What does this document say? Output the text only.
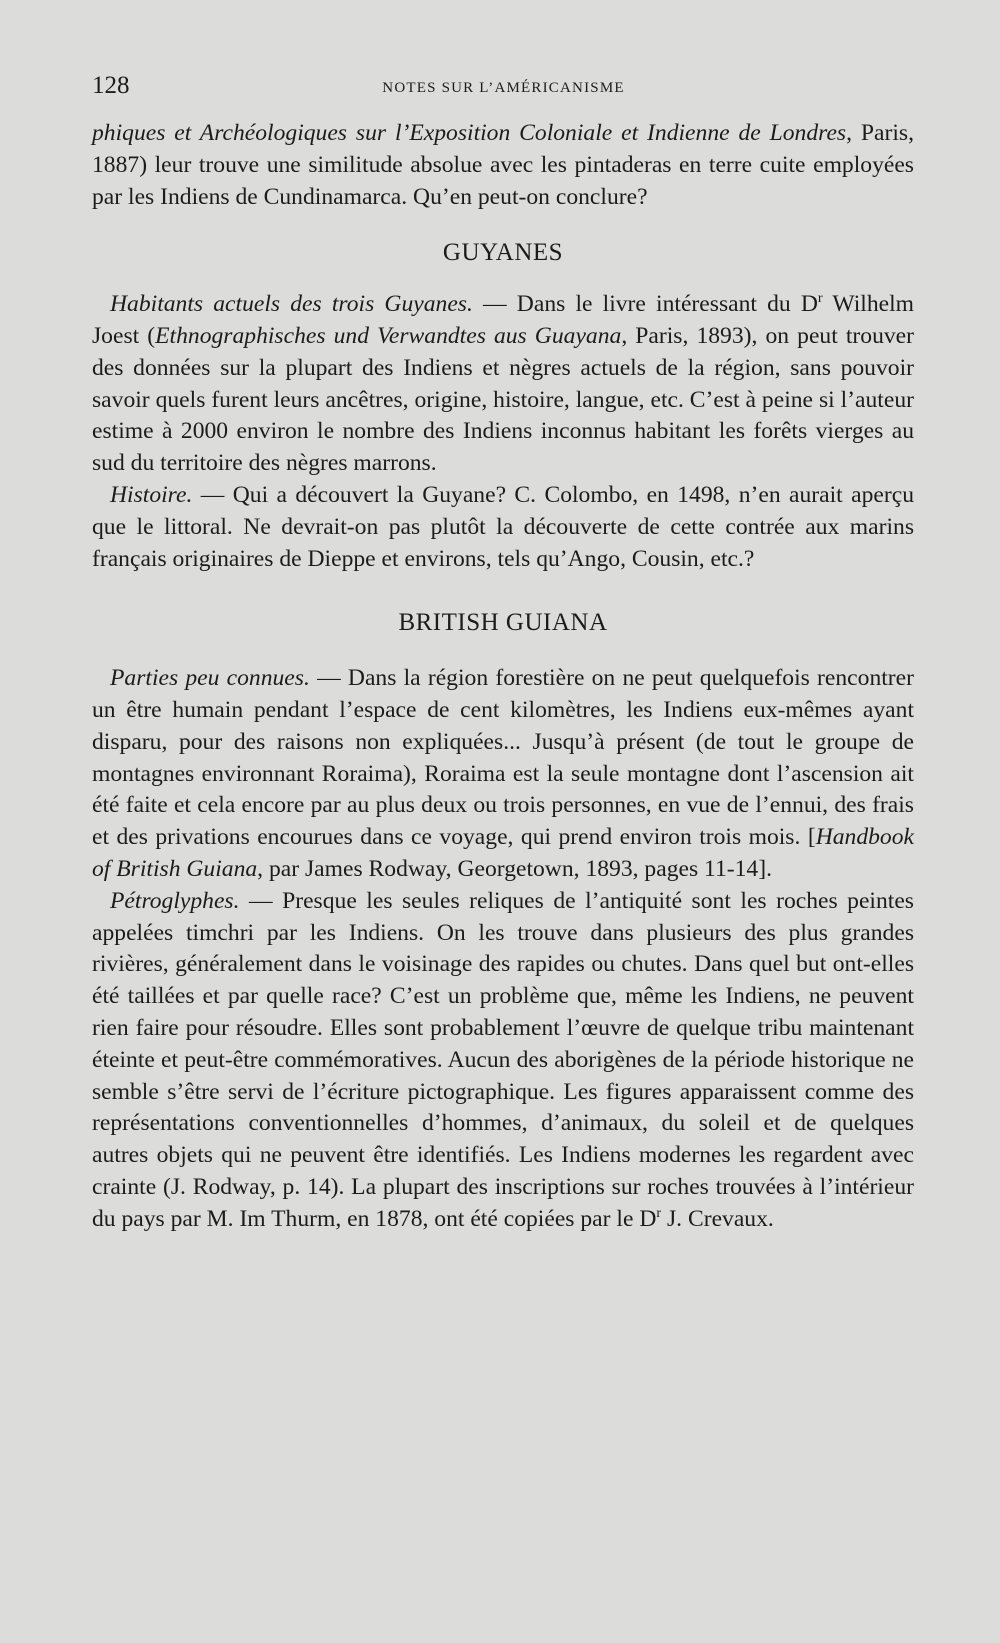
128	NOTES SUR L’AMÉRICANISME

phiques et Archéologiques sur l’Exposition Coloniale et Indienne de Londres, Paris, 1887) leur trouve une similitude absolue avec les pintaderas en terre cuite employées par les Indiens de Cundinamarca. Qu’en peut-on conclure?

GUYANES

Habitants actuels des trois Guyanes. — Dans le livre intéressant du $D^r$ Wilhelm Joest (Ethnographisches und Verwandtes aus Guayana, Paris, 1893), on peut trouver des données sur la plupart des Indiens et nègres actuels de la région, sans pouvoir savoir quels furent leurs ancêtres, origine, histoire, langue, etc. C’est à peine si l’auteur estime à 2000 environ le nombre des Indiens inconnus habitant les forêts vierges au sud du territoire des nègres marrons.

Histoire. — Qui a découvert la Guyane? C. Colombo, en 1498, n’en aurait aperçu que le littoral. Ne devrait-on pas plutôt la découverte de cette contrée aux marins français originaires de Dieppe et environs, tels qu’Ango, Cousin, etc.?

BRITISH GUIANA

Parties peu connues. — Dans la région forestière on ne peut quelquefois rencontrer un être humain pendant l’espace de cent kilomètres, les Indiens eux-mêmes ayant disparu, pour des raisons non expliquées... Jusqu’à présent (de tout le groupe de montagnes environnant Roraima), Roraima est la seule montagne dont l’ascension ait été faite et cela encore par au plus deux ou trois personnes, en vue de l’ennui, des frais et des privations encourues dans ce voyage, qui prend environ trois mois. [Handbook of British Guiana, par James Rodway, Georgetown, 1893, pages 11-14].

Pétroglyphes. — Presque les seules reliques de l’antiquité sont les roches peintes appelées timchri par les Indiens. On les trouve dans plusieurs des plus grandes rivières, généralement dans le voisinage des rapides ou chutes. Dans quel but ont-elles été taillées et par quelle race? C’est un problème que, même les Indiens, ne peuvent rien faire pour résoudre. Elles sont probablement l’œuvre de quelque tribu maintenant éteinte et peut-être commémoratives. Aucun des aborigènes de la période historique ne semble s’être servi de l’écriture pictographique. Les figures apparaissent comme des représentations conventionnelles d’hommes, d’animaux, du soleil et de quelques autres objets qui ne peuvent être identifiés. Les Indiens modernes les regardent avec crainte (J. Rodway, p. 14). La plupart des inscriptions sur roches trouvées à l’intérieur du pays par M. Im Thurm, en 1878, ont été copiées par le $D^r$ J. Crevaux.
